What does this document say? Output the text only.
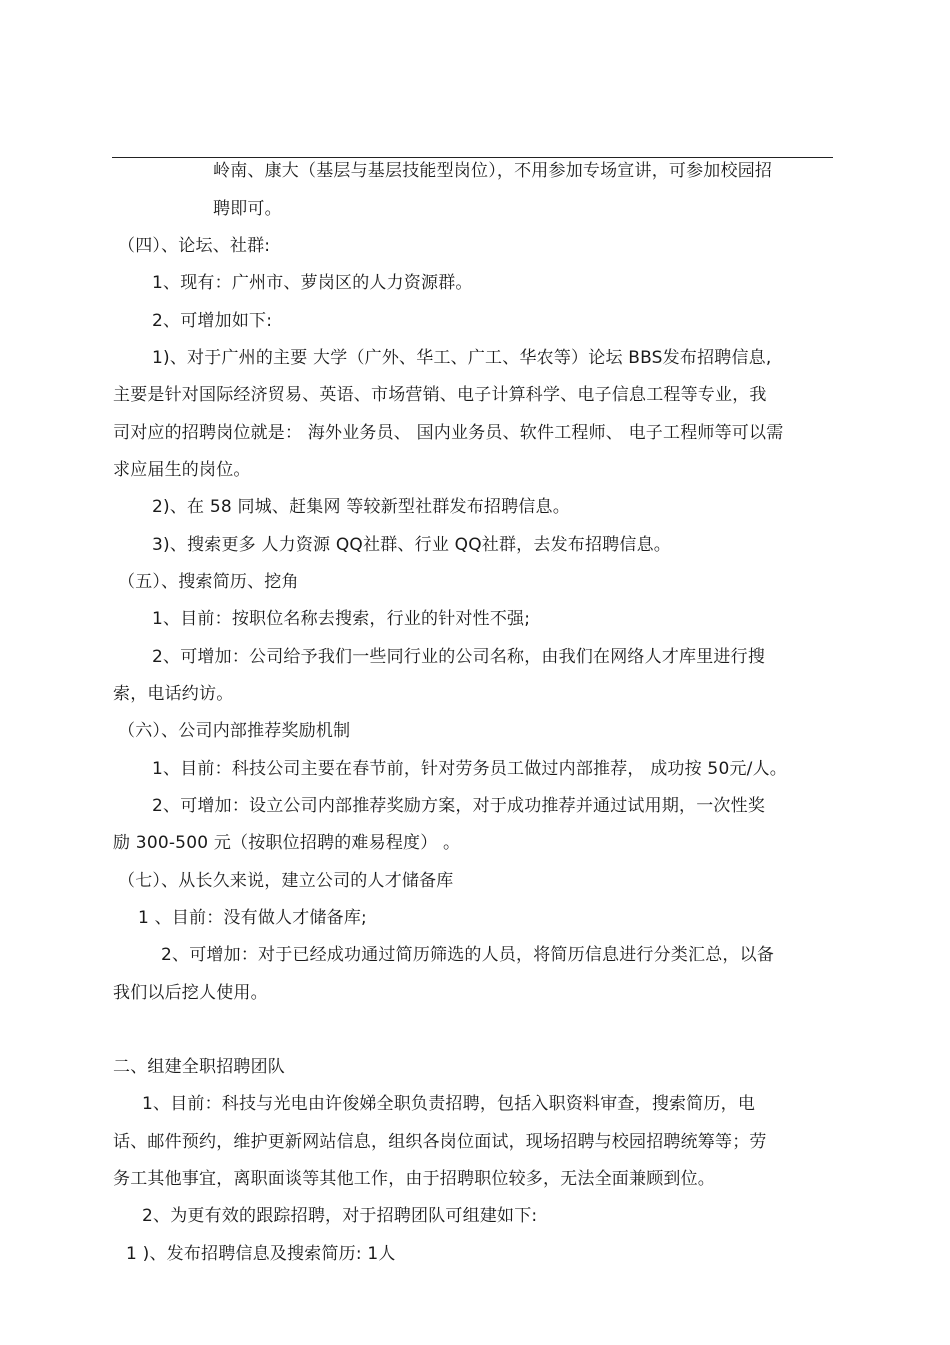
岭南、康大（基层与基层技能型岗位），不用参加专场宣讲，可参加校园招
聘即可。
（四）、论坛、社群:
1、现有：广州市、萝岗区的人力资源群。
2、可增加如下:
1)、对于广州的主要 大学（广外、华工、广工、华农等）论坛 BBS发布招聘信息,
主要是针对国际经济贸易、英语、市场营销、电子计算科学、电子信息工程等专业，我
司对应的招聘岗位就是： 海外业务员、 国内业务员、软件工程师、 电子工程师等可以需
求应届生的岗位。
2)、在 58 同城、赶集网 等较新型社群发布招聘信息。
3)、搜索更多 人力资源 QQ社群、行业 QQ社群，去发布招聘信息。
（五）、搜索简历、挖角
1、目前：按职位名称去搜索，行业的针对性不强;
2、可增加：公司给予我们一些同行业的公司名称，由我们在网络人才库里进行搜
索，电话约访。
（六）、公司内部推荐奖励机制
1、目前：科技公司主要在春节前，针对劳务员工做过内部推荐， 成功按 50元/人。
2、可增加：设立公司内部推荐奖励方案，对于成功推荐并通过试用期，一次性奖
励 300-500 元（按职位招聘的难易程度） 。
（七）、从长久来说，建立公司的人才储备库
1 、目前：没有做人才储备库;
2、可增加：对于已经成功通过简历筛选的人员，将简历信息进行分类汇总，以备
我们以后挖人使用。
二、组建全职招聘团队
1、目前：科技与光电由许俊娣全职负责招聘，包括入职资料审查，搜索简历，电
话、邮件预约，维护更新网站信息，组织各岗位面试，现场招聘与校园招聘统筹等；劳
务工其他事宜，离职面谈等其他工作，由于招聘职位较多，无法全面兼顾到位。
2、为更有效的跟踪招聘，对于招聘团队可组建如下:
1 )、发布招聘信息及搜索简历: 1人
